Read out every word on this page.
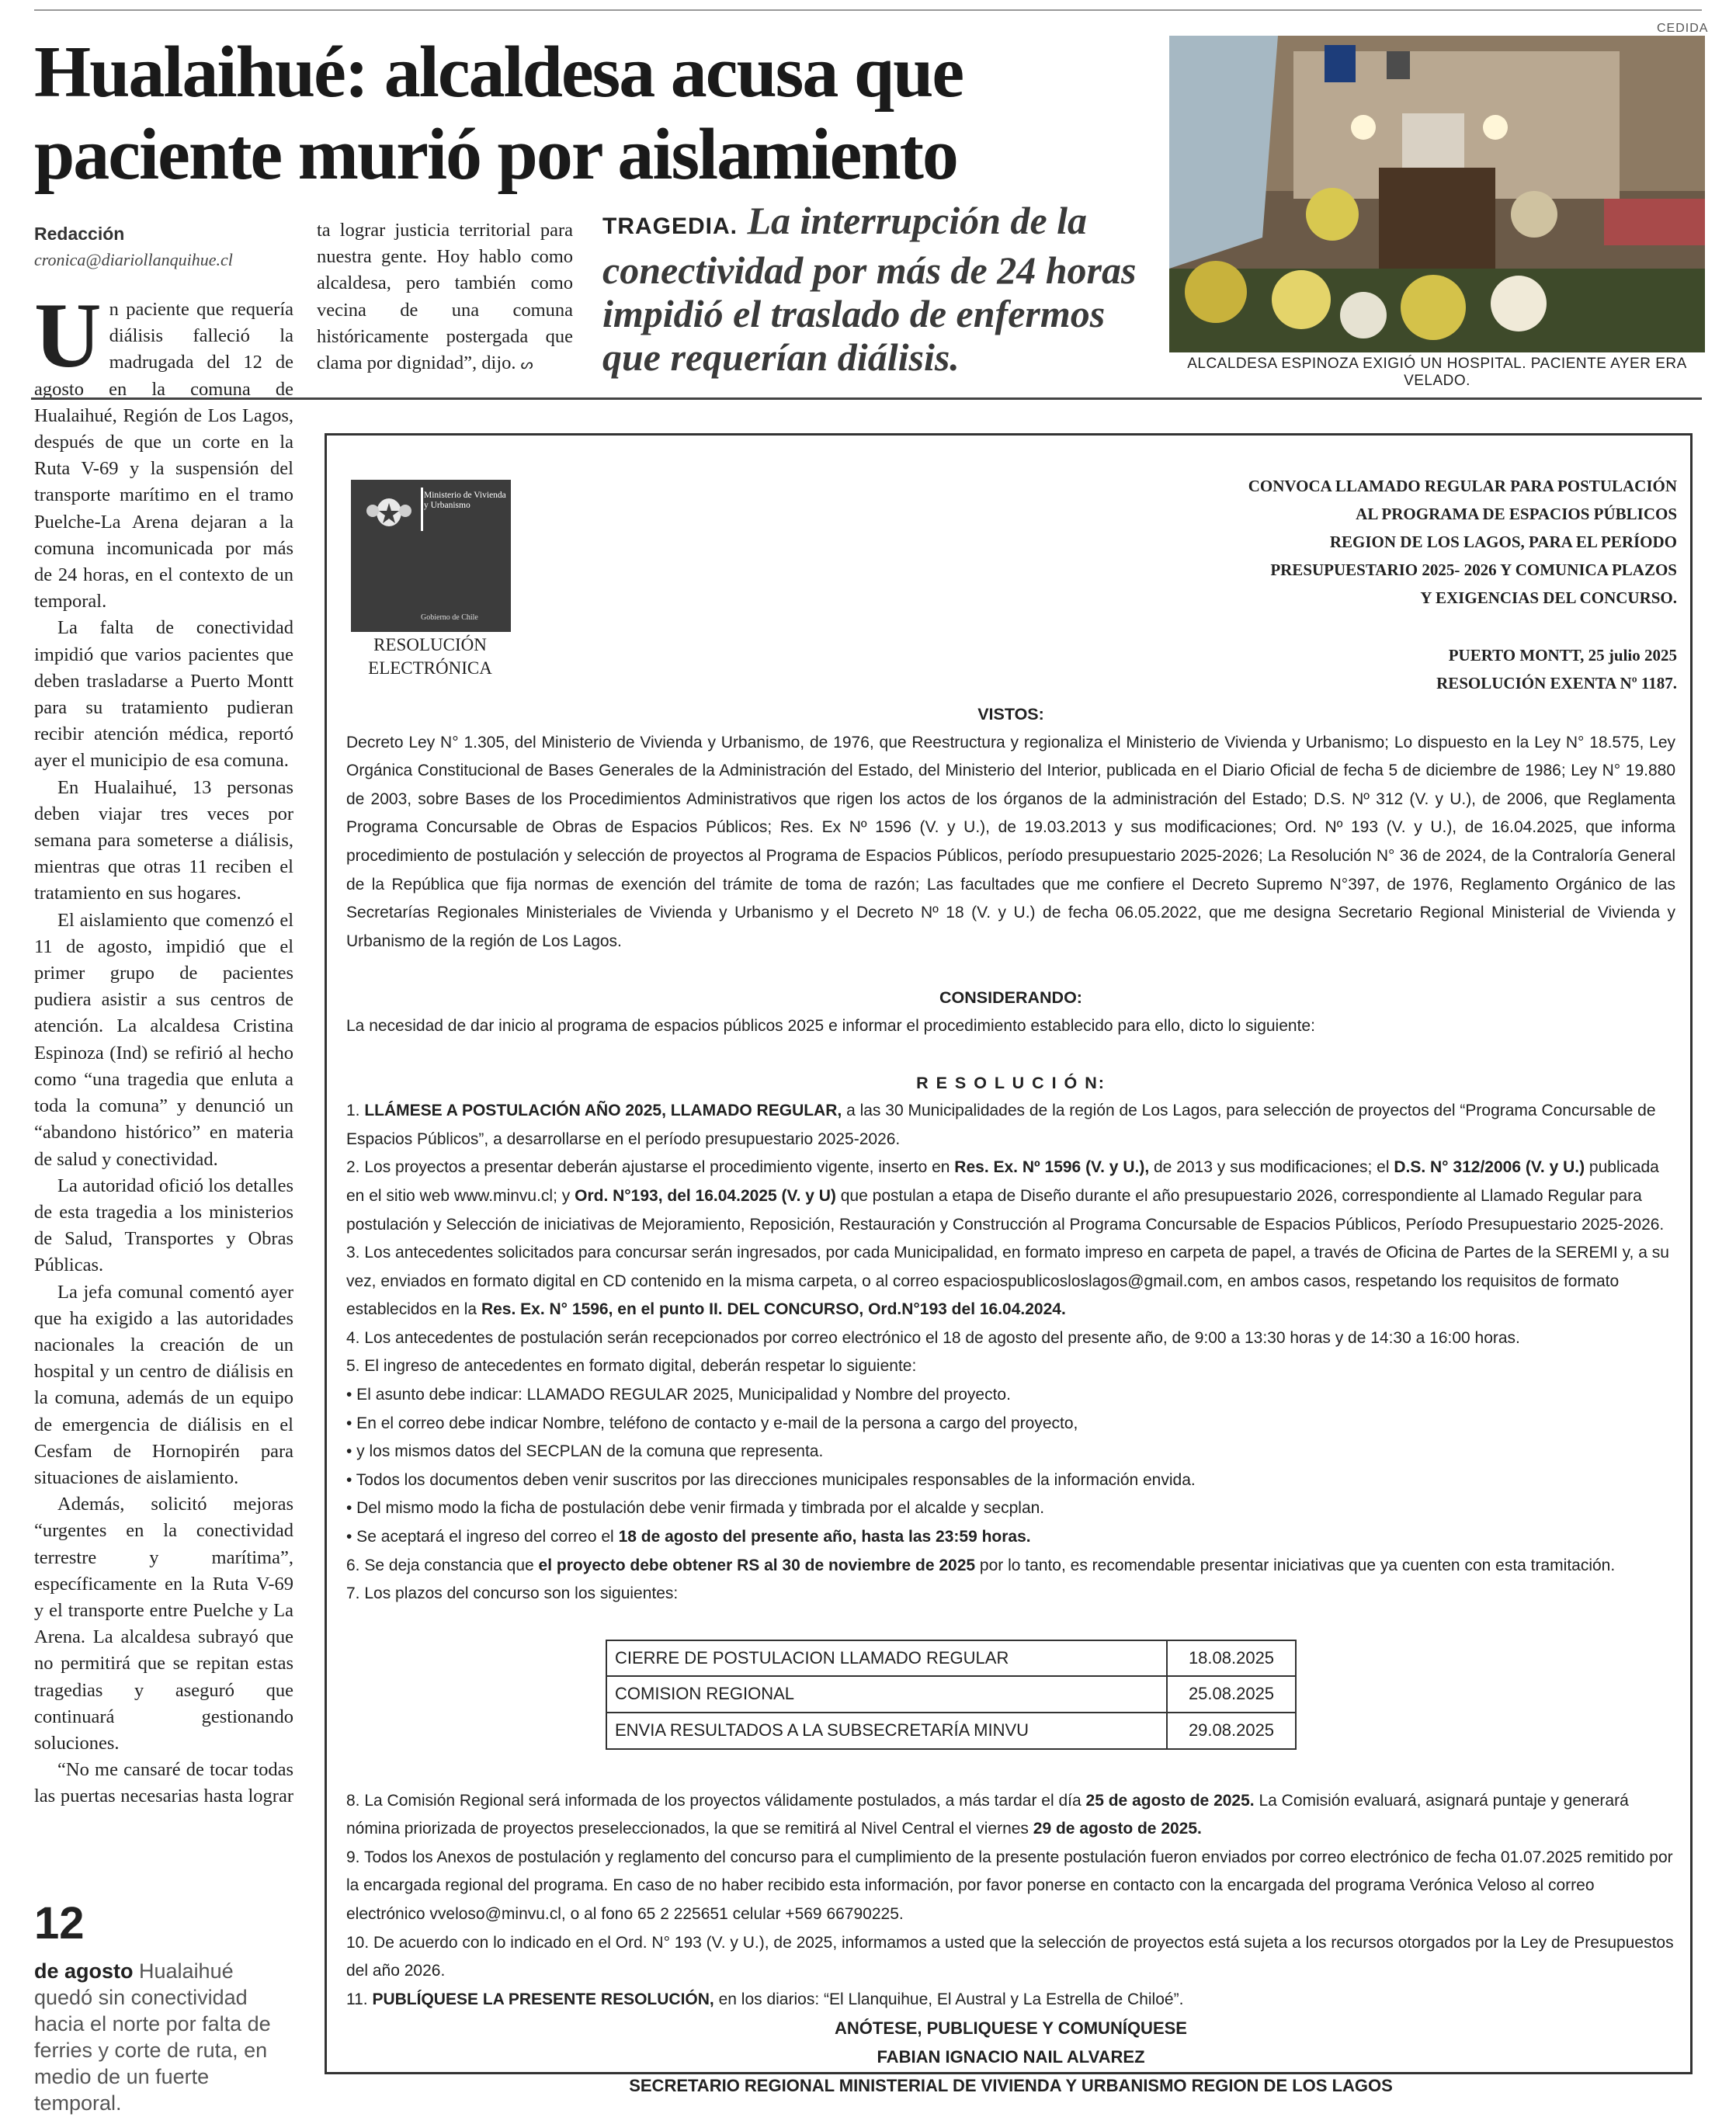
CEDIDA
Hualaihué: alcaldesa acusa que
paciente murió por aislamiento
Redacción
cronica@diariollanquihue.cl

Un paciente que requería diálisis falleció la madrugada del 12 de agosto en la comuna de Hualaihué, Región de Los Lagos, después de que un corte en la Ruta V-69 y la suspensión del transporte marítimo en el tramo Puelche-La Arena dejaran a la comuna incomunicada por más de 24 horas, en el contexto de un temporal.

La falta de conectividad impidió que varios pacientes que deben trasladarse a Puerto Montt para su tratamiento pudieran recibir atención médica, reportó ayer el municipio de esa comuna.

En Hualaihué, 13 personas deben viajar tres veces por semana para someterse a diálisis, mientras que otras 11 reciben el tratamiento en sus hogares.

El aislamiento que comenzó el 11 de agosto, impidió que el primer grupo de pacientes pudiera asistir a sus centros de atención. La alcaldesa Cristina Espinoza (Ind) se refirió al hecho como “una tragedia que enluta a toda la comuna” y denunció un “abandono histórico” en materia de salud y conectividad.

La autoridad ofició los detalles de esta tragedia a los ministerios de Salud, Transportes y Obras Públicas.

La jefa comunal comentó ayer que ha exigido a las autoridades nacionales la creación de un hospital y un centro de diálisis en la comuna, además de un equipo de emergencia de diálisis en el Cesfam de Hornopirén para situaciones de aislamiento.

Además, solicitó mejoras “urgentes en la conectividad terrestre y marítima”, específicamente en la Ruta V-69 y el transporte entre Puelche y La Arena. La alcaldesa subrayó que no permitirá que se repitan estas tragedias y aseguró que continuará gestionando soluciones.

“No me cansaré de tocar todas las puertas necesarias hasta lograr

ta lograr justicia territorial para nuestra gente. Hoy hablo como alcaldesa, pero también como vecina de una comuna históricamente postergada que clama por dignidad”, dijo. ᔕ
TRAGEDIA. La interrupción de la conectividad por más de 24 horas impidió el traslado de enfermos que requerían diálisis.	ALCALDESA ESPINOZA EXIGIÓ UN HOSPITAL. PACIENTE AYER ERA VELADO.
12
de agosto Hualaihué quedó sin conectividad hacia el norte por falta de ferries y corte de ruta, en medio de un fuerte temporal.
Ministerio de Vivienda y Urbanismo
Gobierno de Chile
RESOLUCIÓN
ELECTRÓNICA
CONVOCA LLAMADO REGULAR PARA POSTULACIÓN
AL PROGRAMA DE ESPACIOS PÚBLICOS
REGION DE LOS LAGOS, PARA EL PERÍODO
PRESUPUESTARIO 2025- 2026 Y COMUNICA PLAZOS
Y EXIGENCIAS DEL CONCURSO.
PUERTO MONTT, 25 julio 2025
RESOLUCIÓN EXENTA Nº 1187.
VISTOS:
Decreto Ley N° 1.305, del Ministerio de Vivienda y Urbanismo, de 1976, que Reestructura y regionaliza el Ministerio de Vivienda y Urbanismo; Lo dispuesto en la Ley N° 18.575, Ley Orgánica Constitucional de Bases Generales de la Administración del Estado, del Ministerio del Interior, publicada en el Diario Oficial de fecha 5 de diciembre de 1986; Ley N° 19.880 de 2003, sobre Bases de los Procedimientos Administrativos que rigen los actos de los órganos de la administración del Estado; D.S. Nº 312 (V. y U.), de 2006, que Reglamenta Programa Concursable de Obras de Espacios Públicos; Res. Ex Nº 1596 (V. y U.), de 19.03.2013 y sus modificaciones; Ord. Nº 193 (V. y U.), de 16.04.2025, que informa procedimiento de postulación y selección de proyectos al Programa de Espacios Públicos, período presupuestario 2025-2026; La Resolución N° 36 de 2024, de la Contraloría General de la República que fija normas de exención del trámite de toma de razón; Las facultades que me confiere el Decreto Supremo N°397, de 1976, Reglamento Orgánico de las Secretarías Regionales Ministeriales de Vivienda y Urbanismo y el Decreto Nº 18 (V. y U.) de fecha 06.05.2022, que me designa Secretario Regional Ministerial de Vivienda y Urbanismo de la región de Los Lagos.
CONSIDERANDO:
La necesidad de dar inicio al programa de espacios públicos 2025 e informar el procedimiento establecido para ello, dicto lo siguiente:
R E S O L U C I Ó N:
1. LLÁMESE A POSTULACIÓN AÑO 2025, LLAMADO REGULAR, a las 30 Municipalidades de la región de Los Lagos, para selección de proyectos del “Programa Concursable de Espacios Públicos”, a desarrollarse en el período presupuestario 2025-2026.
2. Los proyectos a presentar deberán ajustarse el procedimiento vigente, inserto en Res. Ex. Nº 1596 (V. y U.), de 2013 y sus modificaciones; el D.S. N° 312/2006 (V. y U.) publicada en el sitio web www.minvu.cl; y Ord. N°193, del 16.04.2025 (V. y U) que postulan a etapa de Diseño durante el año presupuestario 2026, correspondiente al Llamado Regular para postulación y Selección de iniciativas de Mejoramiento, Reposición, Restauración y Construcción al Programa Concursable de Espacios Públicos, Período Presupuestario 2025-2026.
3. Los antecedentes solicitados para concursar serán ingresados, por cada Municipalidad, en formato impreso en carpeta de papel, a través de Oficina de Partes de la SEREMI y, a su vez, enviados en formato digital en CD contenido en la misma carpeta, o al correo espaciospublicosloslagos@gmail.com, en ambos casos, respetando los requisitos de formato establecidos en la Res. Ex. N° 1596, en el punto II. DEL CONCURSO, Ord.N°193 del 16.04.2024.
4. Los antecedentes de postulación serán recepcionados por correo electrónico el 18 de agosto del presente año, de 9:00 a 13:30 horas y de 14:30 a 16:00 horas.
5. El ingreso de antecedentes en formato digital, deberán respetar lo siguiente:
• El asunto debe indicar: LLAMADO REGULAR 2025, Municipalidad y Nombre del proyecto.
• En el correo debe indicar Nombre, teléfono de contacto y e-mail de la persona a cargo del proyecto,
• y los mismos datos del SECPLAN de la comuna que representa.
• Todos los documentos deben venir suscritos por las direcciones municipales responsables de la información envida.
• Del mismo modo la ficha de postulación debe venir firmada y timbrada por el alcalde y secplan.
• Se aceptará el ingreso del correo el 18 de agosto del presente año, hasta las 23:59 horas.
6. Se deja constancia que el proyecto debe obtener RS al 30 de noviembre de 2025 por lo tanto, es recomendable presentar iniciativas que ya cuenten con esta tramitación.
7. Los plazos del concurso son los siguientes:
CIERRE DE POSTULACION LLAMADO REGULAR	18.08.2025
COMISION REGIONAL	25.08.2025
ENVIA RESULTADOS A LA SUBSECRETARÍA MINVU	29.08.2025
8. La Comisión Regional será informada de los proyectos válidamente postulados, a más tardar el día 25 de agosto de 2025. La Comisión evaluará, asignará puntaje y generará nómina priorizada de proyectos preseleccionados, la que se remitirá al Nivel Central el viernes 29 de agosto de 2025.
9. Todos los Anexos de postulación y reglamento del concurso para el cumplimiento de la presente postulación fueron enviados por correo electrónico de fecha 01.07.2025 remitido por la encargada regional del programa. En caso de no haber recibido esta información, por favor ponerse en contacto con la encargada del programa Verónica Veloso al correo electrónico vveloso@minvu.cl, o al fono 65 2 225651 celular +569 66790225.
10. De acuerdo con lo indicado en el Ord. N° 193 (V. y U.), de 2025, informamos a usted que la selección de proyectos está sujeta a los recursos otorgados por la Ley de Presupuestos del año 2026.
11. PUBLÍQUESE LA PRESENTE RESOLUCIÓN, en los diarios: “El Llanquihue, El Austral y La Estrella de Chiloé”.
ANÓTESE, PUBLIQUESE Y COMUNÍQUESE
FABIAN IGNACIO NAIL ALVAREZ
SECRETARIO REGIONAL MINISTERIAL DE VIVIENDA Y URBANISMO REGION DE LOS LAGOS
